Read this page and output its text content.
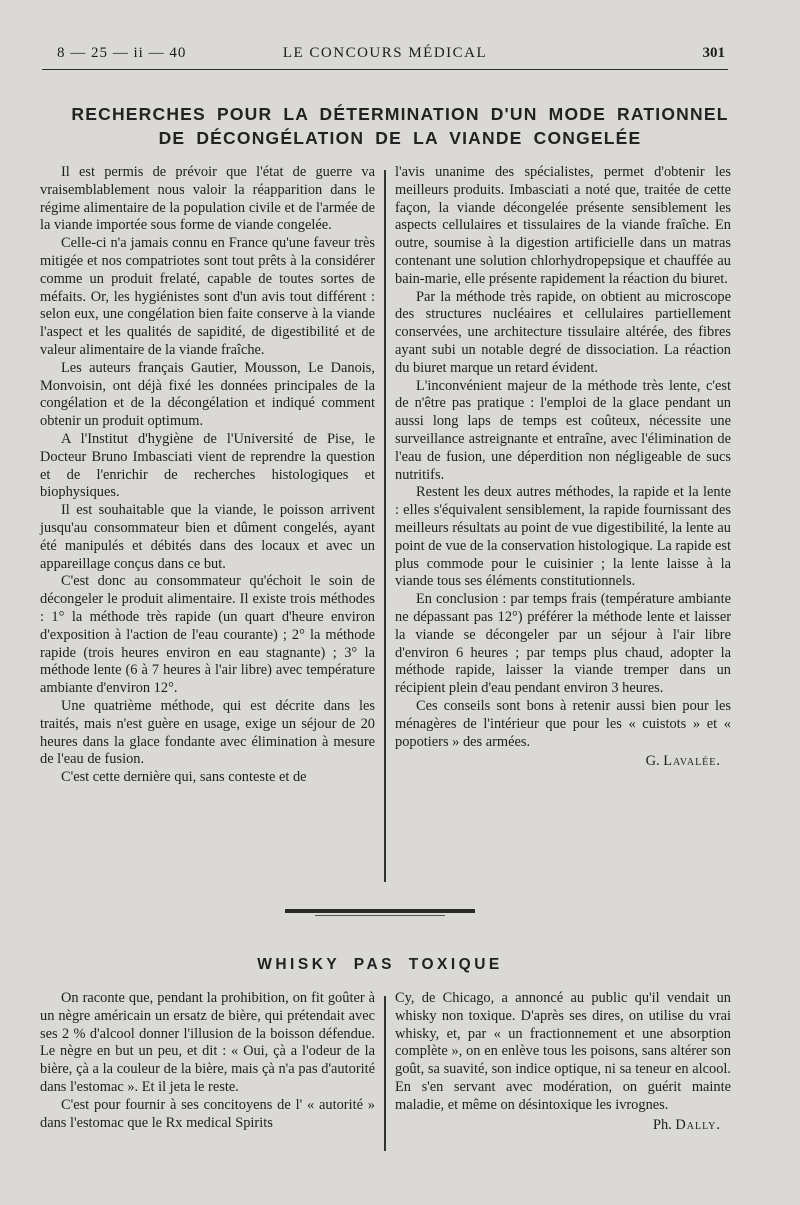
8 — 25 — ii — 40	LE CONCOURS MÉDICAL	301
RECHERCHES POUR LA DÉTERMINATION D'UN MODE RATIONNEL
DE DÉCONGÉLATION DE LA VIANDE CONGELÉE

Il est permis de prévoir que l'état de guerre va vraisemblablement nous valoir la réapparition dans le régime alimentaire de la population civile et de l'armée de la viande importée sous forme de viande congelée.

Celle-ci n'a jamais connu en France qu'une faveur très mitigée et nos compatriotes sont tout prêts à la considérer comme un produit frelaté, capable de toutes sortes de méfaits. Or, les hygiénistes sont d'un avis tout différent : selon eux, une congélation bien faite conserve à la viande l'aspect et les qualités de sapidité, de digestibilité et de valeur alimentaire de la viande fraîche.

Les auteurs français Gautier, Mousson, Le Danois, Monvoisin, ont déjà fixé les données principales de la congélation et de la décongélation et indiqué comment obtenir un produit optimum.

A l'Institut d'hygiène de l'Université de Pise, le Docteur Bruno Imbasciati vient de reprendre la question et de l'enrichir de recherches histologiques et biophysiques.

Il est souhaitable que la viande, le poisson arrivent jusqu'au consommateur bien et dûment congelés, ayant été manipulés et débités dans des locaux et avec un appareillage conçus dans ce but.

C'est donc au consommateur qu'échoit le soin de décongeler le produit alimentaire. Il existe trois méthodes : 1° la méthode très rapide (un quart d'heure environ d'exposition à l'action de l'eau courante) ; 2° la méthode rapide (trois heures environ en eau stagnante) ; 3° la méthode lente (6 à 7 heures à l'air libre) avec température ambiante d'environ 12°.

Une quatrième méthode, qui est décrite dans les traités, mais n'est guère en usage, exige un séjour de 20 heures dans la glace fondante avec élimination à mesure de l'eau de fusion.

C'est cette dernière qui, sans conteste et de

l'avis unanime des spécialistes, permet d'obtenir les meilleurs produits. Imbasciati a noté que, traitée de cette façon, la viande décongelée présente sensiblement les aspects cellulaires et tissulaires de la viande fraîche. En outre, soumise à la digestion artificielle dans un matras contenant une solution chlorhydropepsique et chauffée au bain-marie, elle présente rapidement la réaction du biuret.

Par la méthode très rapide, on obtient au microscope des structures nucléaires et cellulaires partiellement conservées, une architecture tissulaire altérée, des fibres ayant subi un notable degré de dissociation. La réaction du biuret marque un retard évident.

L'inconvénient majeur de la méthode très lente, c'est de n'être pas pratique : l'emploi de la glace pendant un aussi long laps de temps est coûteux, nécessite une surveillance astreignante et entraîne, avec l'élimination de l'eau de fusion, une déperdition non négligeable de sucs nutritifs.

Restent les deux autres méthodes, la rapide et la lente : elles s'équivalent sensiblement, la rapide fournissant des meilleurs résultats au point de vue digestibilité, la lente au point de vue de la conservation histologique. La rapide est plus commode pour le cuisinier ; la lente laisse à la viande tous ses éléments constitutionnels.

En conclusion : par temps frais (température ambiante ne dépassant pas 12°) préférer la méthode lente et laisser la viande se décongeler par un séjour à l'air libre d'environ 6 heures ; par temps plus chaud, adopter la méthode rapide, laisser la viande tremper dans un récipient plein d'eau pendant environ 3 heures.

Ces conseils sont bons à retenir aussi bien pour les ménagères de l'intérieur que pour les « cuistots » et « popotiers » des armées.

G. Lavalée.
WHISKY PAS TOXIQUE

On raconte que, pendant la prohibition, on fit goûter à un nègre américain un ersatz de bière, qui prétendait avec ses 2 % d'alcool donner l'illusion de la boisson défendue. Le nègre en but un peu, et dit : « Oui, çà a l'odeur de la bière, çà a la couleur de la bière, mais çà n'a pas d'autorité dans l'estomac ». Et il jeta le reste.

C'est pour fournir à ses concitoyens de l' « autorité » dans l'estomac que le Rx medical Spirits

Cy, de Chicago, a annoncé au public qu'il vendait un whisky non toxique. D'après ses dires, on utilise du vrai whisky, et, par « un fractionnement et une absorption complète », on en enlève tous les poisons, sans altérer son goût, sa suavité, son indice optique, ni sa teneur en alcool. En s'en servant avec modération, on guérit mainte maladie, et même on désintoxique les ivrognes.

Ph. Dally.
